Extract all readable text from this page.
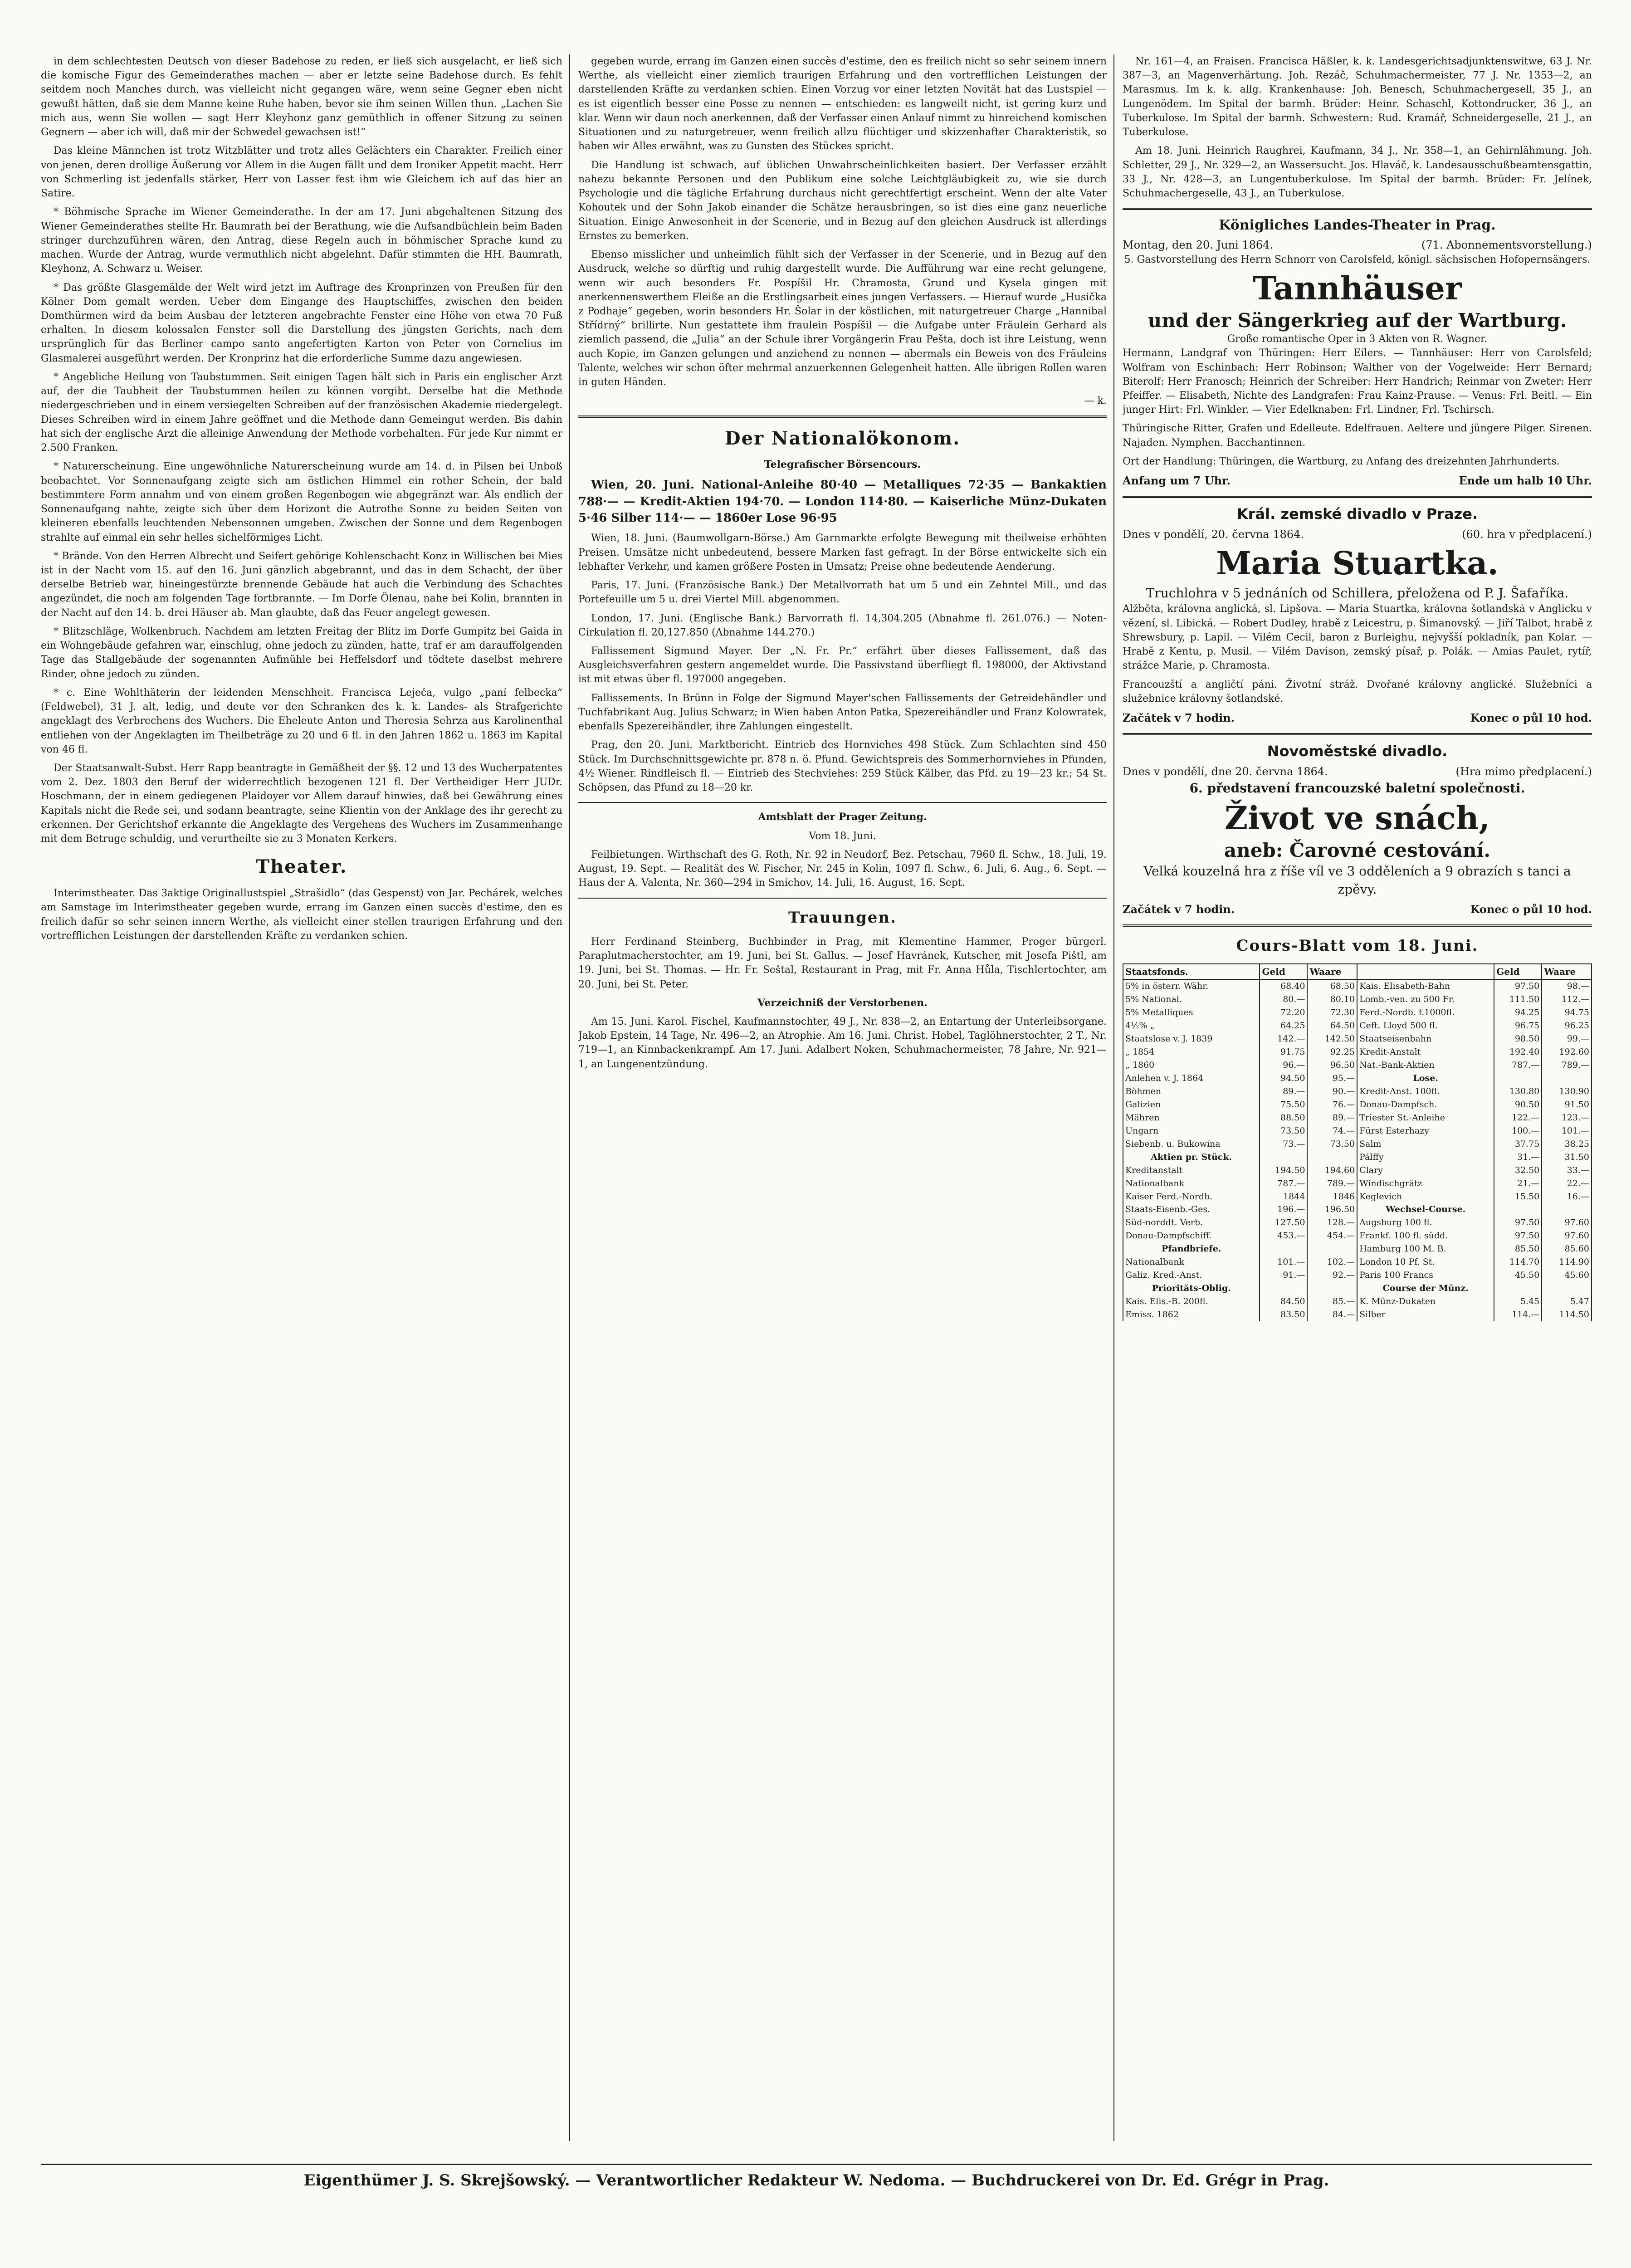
in dem schlechtesten Deutsch von dieser Badehose zu reden, er ließ sich ausgelacht, er ließ sich die komische Figur des Gemeinderathes machen — aber er letzte seine Badehose durch. Es fehlt seitdem noch Manches durch, was vielleicht nicht gegangen wäre, wenn seine Gegner eben nicht gewußt hätten, daß sie dem Manne keine Ruhe haben, bevor sie ihm seinen Willen thun. „Lachen Sie mich aus, wenn Sie wollen — sagt Herr Kleyhonz ganz gemüthlich in offener Sitzung zu seinen Gegnern — aber ich will, daß mir der Schwedel gewachsen ist!“

Das kleine Männchen ist trotz Witzblätter und trotz alles Gelächters ein Charakter. Freilich einer von jenen, deren drollige Äußerung vor Allem in die Augen fällt und dem Ironiker Appetit macht. Herr von Schmerling ist jedenfalls stärker, Herr von Lasser fest ihm wie Gleichem ich auf das hier an Satire.

* Böhmische Sprache im Wiener Gemeinderathe. In der am 17. Juni abgehaltenen Sitzung des Wiener Gemeinderathes stellte Hr. Baumrath bei der Berathung, wie die Aufsandbüchlein beim Baden stringer durchzuführen wären, den Antrag, diese Regeln auch in böhmischer Sprache kund zu machen. Wurde der Antrag, wurde vermuthlich nicht abgelehnt. Dafür stimmten die HH. Baumrath, Kleyhonz, A. Schwarz u. Weiser.

* Das größte Glasgemälde der Welt wird jetzt im Auftrage des Kronprinzen von Preußen für den Kölner Dom gemalt werden. Ueber dem Eingange des Hauptschiffes, zwischen den beiden Domthürmen wird da beim Ausbau der letzteren angebrachte Fenster eine Höhe von etwa 70 Fuß erhalten. In diesem kolossalen Fenster soll die Darstellung des jüngsten Gerichts, nach dem ursprünglich für das Berliner campo santo angefertigten Karton von Peter von Cornelius im Glasmalerei ausgeführt werden. Der Kronprinz hat die erforderliche Summe dazu angewiesen.

* Angebliche Heilung von Taubstummen. Seit einigen Tagen hält sich in Paris ein englischer Arzt auf, der die Taubheit der Taubstummen heilen zu können vorgibt. Derselbe hat die Methode niedergeschrieben und in einem versiegelten Schreiben auf der französischen Akademie niedergelegt. Dieses Schreiben wird in einem Jahre geöffnet und die Methode dann Gemeingut werden. Bis dahin hat sich der englische Arzt die alleinige Anwendung der Methode vorbehalten. Für jede Kur nimmt er 2.500 Franken.

* Naturerscheinung. Eine ungewöhnliche Naturerscheinung wurde am 14. d. in Pilsen bei Unboß beobachtet. Vor Sonnenaufgang zeigte sich am östlichen Himmel ein rother Schein, der bald bestimmtere Form annahm und von einem großen Regenbogen wie abgegränzt war. Als endlich der Sonnenaufgang nahte, zeigte sich über dem Horizont die Autrothe Sonne zu beiden Seiten von kleineren ebenfalls leuchtenden Nebensonnen umgeben. Zwischen der Sonne und dem Regenbogen strahlte auf einmal ein sehr helles sichelförmiges Licht.

* Brände. Von den Herren Albrecht und Seifert gehörige Kohlenschacht Konz in Willischen bei Mies ist in der Nacht vom 15. auf den 16. Juni gänzlich abgebrannt, und das in dem Schacht, der über derselbe Betrieb war, hineingestürzte brennende Gebäude hat auch die Verbindung des Schachtes angezündet, die noch am folgenden Tage fortbrannte. — Im Dorfe Ölenau, nahe bei Kolin, brannten in der Nacht auf den 14. b. drei Häuser ab. Man glaubte, daß das Feuer angelegt gewesen.

* Blitzschläge, Wolkenbruch. Nachdem am letzten Freitag der Blitz im Dorfe Gumpitz bei Gaida in ein Wohngebäude gefahren war, einschlug, ohne jedoch zu zünden, hatte, traf er am darauffolgenden Tage das Stallgebäude der sogenannten Aufmühle bei Heffelsdorf und tödtete daselbst mehrere Rinder, ohne jedoch zu zünden.

* c. Eine Wohlthäterin der leidenden Menschheit. Francisca Leječa, vulgo „paní felbecka“ (Feldwebel), 31 J. alt, ledig, und deute vor den Schranken des k. k. Landes- als Strafgerichte angeklagt des Verbrechens des Wuchers. Die Eheleute Anton und Theresia Sehrza aus Karolinenthal entliehen von der Angeklagten im Theilbeträge zu 20 und 6 fl. in den Jahren 1862 u. 1863 im Kapital von 46 fl.

Der Staatsanwalt-Subst. Herr Rapp beantragte in Gemäßheit der §§. 12 und 13 des Wucherpatentes vom 2. Dez. 1803 den Beruf der widerrechtlich bezogenen 121 fl. Der Vertheidiger Herr JUDr. Hoschmann, der in einem gediegenen Plaidoyer vor Allem darauf hinwies, daß bei Gewährung eines Kapitals nicht die Rede sei, und sodann beantragte, seine Klientin von der Anklage des ihr gerecht zu erkennen. Der Gerichtshof erkannte die Angeklagte des Vergehens des Wuchers im Zusammenhange mit dem Betruge schuldig, und verurtheilte sie zu 3 Monaten Kerkers.

Theater.

Interimstheater. Das 3aktige Originallustspiel „Strašidlo“ (das Gespenst) von Jar. Pechárek, welches am Samstage im Interimstheater gegeben wurde, errang im Ganzen einen succès d'estime, den es freilich dafür so sehr seinen innern Werthe, als vielleicht einer stellen traurigen Erfahrung und den vortrefflichen Leistungen der darstellenden Kräfte zu verdanken schien.

gegeben wurde, errang im Ganzen einen succès d'estime, den es freilich nicht so sehr seinem innern Werthe, als vielleicht einer ziemlich traurigen Erfahrung und den vortrefflichen Leistungen der darstellenden Kräfte zu verdanken schien. Einen Vorzug vor einer letzten Novität hat das Lustspiel — es ist eigentlich besser eine Posse zu nennen — entschieden: es langweilt nicht, ist gering kurz und klar. Wenn wir daun noch anerkennen, daß der Verfasser einen Anlauf nimmt zu hinreichend komischen Situationen und zu naturgetreuer, wenn freilich allzu flüchtiger und skizzenhafter Charakteristik, so haben wir Alles erwähnt, was zu Gunsten des Stückes spricht.

Die Handlung ist schwach, auf üblichen Unwahrscheinlichkeiten basiert. Der Verfasser erzählt nahezu bekannte Personen und den Publikum eine solche Leichtgläubigkeit zu, wie sie durch Psychologie und die tägliche Erfahrung durchaus nicht gerechtfertigt erscheint. Wenn der alte Vater Kohoutek und der Sohn Jakob einander die Schätze herausbringen, so ist dies eine ganz neuerliche Situation. Einige Anwesenheit in der Scenerie, und in Bezug auf den gleichen Ausdruck ist allerdings Ernstes zu bemerken.

Ebenso misslicher und unheimlich fühlt sich der Verfasser in der Scenerie, und in Bezug auf den Ausdruck, welche so dürftig und ruhig dargestellt wurde. Die Aufführung war eine recht gelungene, wenn wir auch besonders Fr. Pospíšil Hr. Chramosta, Grund und Kysela gingen mit anerkennenswerthem Fleiße an die Erstlingsarbeit eines jungen Verfassers. — Hierauf wurde „Husička z Podhaje“ gegeben, worin besonders Hr. Šolar in der köstlichen, mit naturgetreuer Charge „Hannibal Střídrný“ brillirte. Nun gestattete ihm fraulein Pospíšil — die Aufgabe unter Fräulein Gerhard als ziemlich passend, die „Julia“ an der Schule ihrer Vorgängerin Frau Pešta, doch ist ihre Leistung, wenn auch Kopie, im Ganzen gelungen und anziehend zu nennen — abermals ein Beweis von des Fräuleins Talente, welches wir schon öfter mehrmal anzuerkennen Gelegenheit hatten. Alle übrigen Rollen waren in guten Händen.

— k.

Der Nationalökonom.

Telegrafischer Börsencours.

Wien, 20. Juni. National-Anleihe 80·40 — Metalliques 72·35 — Bankaktien 788·— — Kredit-Aktien 194·70. — London 114·80. — Kaiserliche Münz-Dukaten 5·46 Silber 114·— — 1860er Lose 96·95

Wien, 18. Juni. (Baumwollgarn-Börse.) Am Garnmarkte erfolgte Bewegung mit theilweise erhöhten Preisen. Umsätze nicht unbedeutend, bessere Marken fast gefragt. In der Börse entwickelte sich ein lebhafter Verkehr, und kamen größere Posten in Umsatz; Preise ohne bedeutende Aenderung.

Paris, 17. Juni. (Französische Bank.) Der Metallvorrath hat um 5 und ein Zehntel Mill., und das Portefeuille um 5 u. drei Viertel Mill. abgenommen.

London, 17. Juni. (Englische Bank.) Barvorrath fl. 14,304.205 (Abnahme fl. 261.076.) — Noten-Cirkulation fl. 20,127.850 (Abnahme 144.270.)

Fallissement Sigmund Mayer. Der „N. Fr. Pr.“ erfährt über dieses Fallissement, daß das Ausgleichsverfahren gestern angemeldet wurde. Die Passivstand überfliegt fl. 198000, der Aktivstand ist mit etwas über fl. 197000 angegeben.

Fallissements. In Brünn in Folge der Sigmund Mayer'schen Fallissements der Getreidehändler und Tuchfabrikant Aug. Julius Schwarz; in Wien haben Anton Patka, Spezereihändler und Franz Kolowratek, ebenfalls Spezereihändler, ihre Zahlungen eingestellt.

Prag, den 20. Juni. Marktbericht. Eintrieb des Hornviehes 498 Stück. Zum Schlachten sind 450 Stück. Im Durchschnittsgewichte pr. 878 n. ö. Pfund. Gewichtspreis des Sommerhornviehes in Pfunden, 4½ Wiener. Rindfleisch fl. — Eintrieb des Stechviehes: 259 Stück Kälber, das Pfd. zu 19—23 kr.; 54 St. Schöpsen, das Pfund zu 18—20 kr.

Amtsblatt der Prager Zeitung.

Vom 18. Juni.

Feilbietungen. Wirthschaft des G. Roth, Nr. 92 in Neudorf, Bez. Petschau, 7960 fl. Schw., 18. Juli, 19. August, 19. Sept. — Realität des W. Fischer, Nr. 245 in Kolin, 1097 fl. Schw., 6. Juli, 6. Aug., 6. Sept. — Haus der A. Valenta, Nr. 360—294 in Smíchov, 14. Juli, 16. August, 16. Sept.

Trauungen.

Herr Ferdinand Steinberg, Buchbinder in Prag, mit Klementine Hammer, Proger bürgerl. Paraplutmacherstochter, am 19. Juni, bei St. Gallus. — Josef Havránek, Kutscher, mit Josefa Pištl, am 19. Juni, bei St. Thomas. — Hr. Fr. Seštal, Restaurant in Prag, mit Fr. Anna Hůla, Tischlertochter, am 20. Juni, bei St. Peter.

Verzeichniß der Verstorbenen.

Am 15. Juni. Karol. Fischel, Kaufmannstochter, 49 J., Nr. 838—2, an Entartung der Unterleibsorgane. Jakob Epstein, 14 Tage, Nr. 496—2, an Atrophie. Am 16. Juni. Christ. Hobel, Taglöhnerstochter, 2 T., Nr. 719—1, an Kinnbackenkrampf. Am 17. Juni. Adalbert Noken, Schuhmachermeister, 78 Jahre, Nr. 921—1, an Lungenentzündung.

Nr. 161—4, an Fraisen. Francisca Häßler, k. k. Landesgerichtsadjunktenswitwe, 63 J. Nr. 387—3, an Magenverhärtung. Joh. Rezáč, Schuhmachermeister, 77 J. Nr. 1353—2, an Marasmus. Im k. k. allg. Krankenhause: Joh. Benesch, Schuhmachergesell, 35 J., an Lungenödem. Im Spital der barmh. Brüder: Heinr. Schaschl, Kottondrucker, 36 J., an Tuberkulose. Im Spital der barmh. Schwestern: Rud. Kramář, Schneidergeselle, 21 J., an Tuberkulose.

Am 18. Juni. Heinrich Raughrei, Kaufmann, 34 J., Nr. 358—1, an Gehirnlähmung. Joh. Schletter, 29 J., Nr. 329—2, an Wassersucht. Jos. Hlaváč, k. Landesausschußbeamtensgattin, 33 J., Nr. 428—3, an Lungentuberkulose. Im Spital der barmh. Brüder: Fr. Jelínek, Schuhmachergeselle, 43 J., an Tuberkulose.

Königliches Landes-Theater in Prag.
Montag, den 20. Juni 1864.	(71. Abonnementsvorstellung.)
5. Gastvorstellung des Herrn Schnorr von Carolsfeld, königl. sächsischen Hofopernsängers.
Tannhäuser
und der Sängerkrieg auf der Wartburg.
Große romantische Oper in 3 Akten von R. Wagner.

Hermann, Landgraf von Thüringen: Herr Eilers. — Tannhäuser: Herr von Carolsfeld; Wolfram von Eschinbach: Herr Robinson; Walther von der Vogelweide: Herr Bernard; Biterolf: Herr Franosch; Heinrich der Schreiber: Herr Handrich; Reinmar von Zweter: Herr Pfeiffer. — Elisabeth, Nichte des Landgrafen: Frau Kainz-Prause. — Venus: Frl. Beitl. — Ein junger Hirt: Frl. Winkler. — Vier Edelknaben: Frl. Lindner, Frl. Tschirsch.

Thüringische Ritter, Grafen und Edelleute. Edelfrauen. Aeltere und jüngere Pilger. Sirenen. Najaden. Nymphen. Bacchantinnen.

Ort der Handlung: Thüringen, die Wartburg, zu Anfang des dreizehnten Jahrhunderts.

Anfang um 7 Uhr.	Ende um halb 10 Uhr.
Král. zemské divadlo v Praze.
Dnes v pondělí, 20. června 1864.	(60. hra v předplacení.)
Maria Stuartka.
Truchlohra v 5 jednáních od Schillera, přeložena od P. J. Šafaříka.

Alžběta, královna anglická, sl. Lipšova. — Maria Stuartka, královna šotlandská v Anglicku v vězení, sl. Libická. — Robert Dudley, hrabě z Leicestru, p. Šimanovský. — Jiří Talbot, hrabě z Shrewsbury, p. Lapil. — Vilém Cecil, baron z Burleighu, nejvyšší pokladník, pan Kolar. — Hrabě z Kentu, p. Musil. — Vilém Davison, zemský písař, p. Polák. — Amias Paulet, rytíř, strážce Marie, p. Chramosta.

Francouzští a angličtí páni. Životní stráž. Dvořané královny anglické. Služebníci a služebnice královny šotlandské.

Začátek v 7 hodin.	Konec o půl 10 hod.
Novoměstské divadlo.
Dnes v pondělí, dne 20. června 1864.	(Hra mimo předplacení.)
6. představení francouzské baletní společnosti.
Život ve snách,
aneb: Čarovné cestování.
Velká kouzelná hra z říše víl ve 3 odděleních a 9 obrazích s tanci a zpěvy.
Začátek v 7 hodin.	Konec o půl 10 hod.
Cours-Blatt vom 18. Juni.
Staatsfonds.	Geld	Waare		Geld	Waare
5% in österr. Währ.	68.40	68.50	Kais. Elisabeth-Bahn	97.50	98.—
5% National.	80.—	80.10	Lomb.-ven. zu 500 Fr.	111.50	112.—
5% Metalliques	72.20	72.30	Ferd.-Nordb. f.1000fl.	94.25	94.75
4½% „	64.25	64.50	Ceft. Lloyd 500 fl.	96.75	96.25
Staatslose v. J. 1839	142.—	142.50	Staatseisenbahn	98.50	99.—
„ 1854	91.75	92.25	Kredit-Anstalt	192.40	192.60
„ 1860	96.—	96.50	Nat.-Bank-Aktien	787.—	789.—
Anlehen v. J. 1864	94.50	95.—	Lose.		
Böhmen	89.—	90.—	Kredit-Anst. 100fl.	130.80	130.90
Galizien	75.50	76.—	Donau-Dampfsch.	90.50	91.50
Mähren	88.50	89.—	Triester St.-Anleihe	122.—	123.—
Ungarn	73.50	74.—	Fürst Esterhazy	100.—	101.—
Siebenb. u. Bukowina	73.—	73.50	Salm	37.75	38.25
Aktien pr. Stück.			Pálffy	31.—	31.50
Kreditanstalt	194.50	194.60	Clary	32.50	33.—
Nationalbank	787.—	789.—	Windischgrätz	21.—	22.—
Kaiser Ferd.-Nordb.	1844	1846	Keglevich	15.50	16.—
Staats-Eisenb.-Ges.	196.—	196.50	Wechsel-Course.		
Süd-norddt. Verb.	127.50	128.—	Augsburg 100 fl.	97.50	97.60
Donau-Dampfschiff.	453.—	454.—	Frankf. 100 fl. südd.	97.50	97.60
Pfandbriefe.			Hamburg 100 M. B.	85.50	85.60
Nationalbank	101.—	102.—	London 10 Pf. St.	114.70	114.90
Galiz. Kred.-Anst.	91.—	92.—	Paris 100 Francs	45.50	45.60
Prioritäts-Oblig.			Course der Münz.		
Kais. Elis.-B. 200fl.	84.50	85.—	K. Münz-Dukaten	5.45	5.47
Emiss. 1862	83.50	84.—	Silber	114.—	114.50
Eigenthümer J. S. Skrejšowský. — Verantwortlicher Redakteur W. Nedoma. — Buchdruckerei von Dr. Ed. Grégr in Prag.
